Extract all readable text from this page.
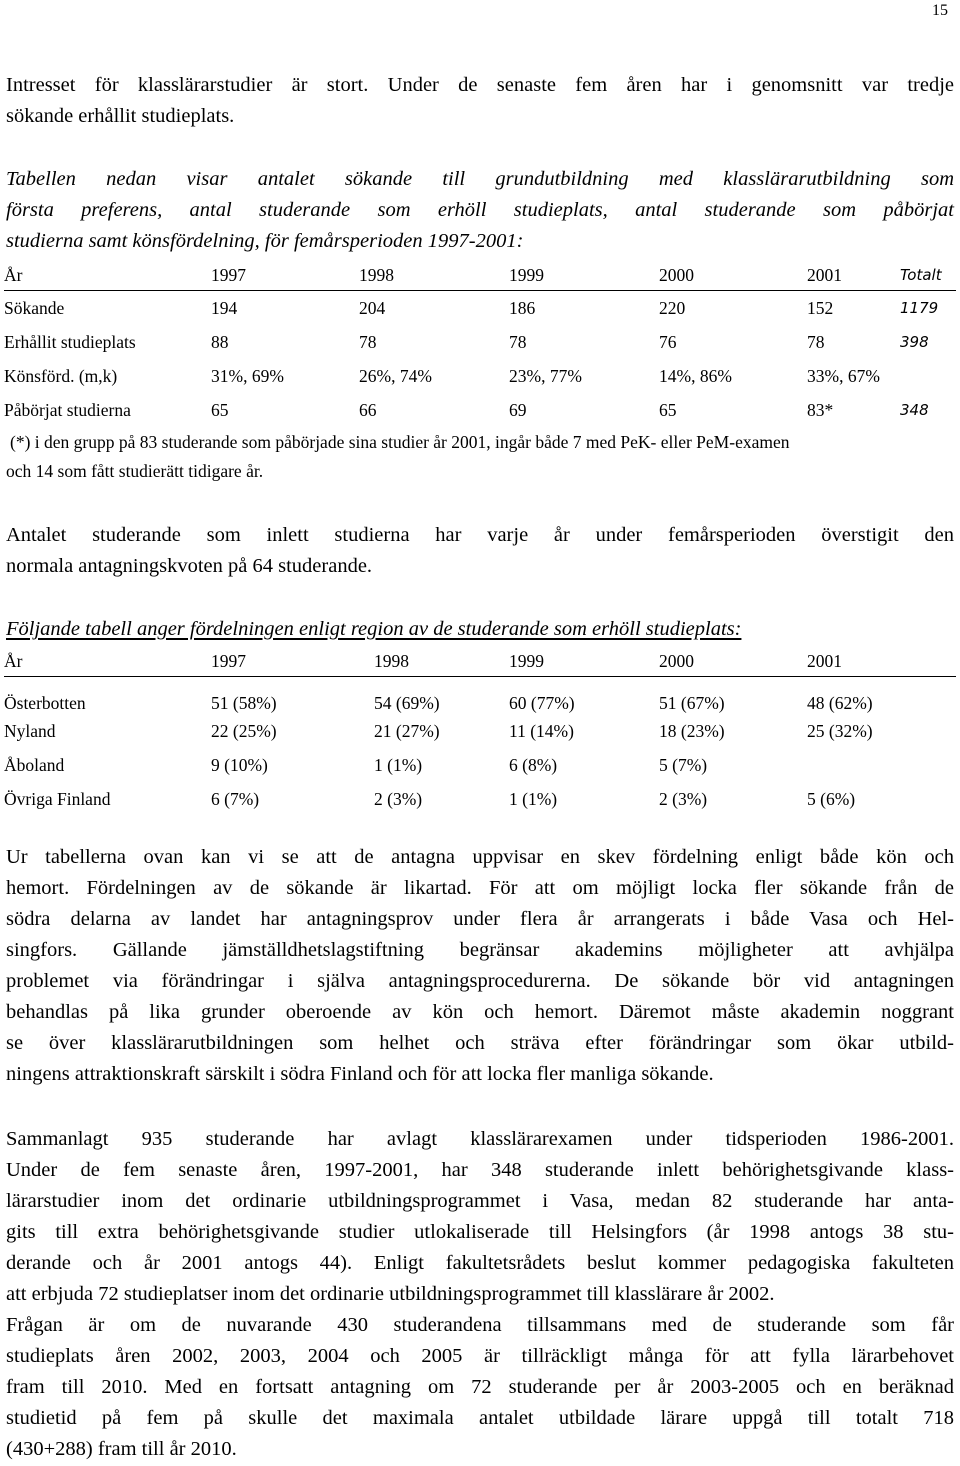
15

Intresset för klasslärarstudier är stort. Under de senaste fem åren har i genomsnitt var tredje
sökande erhållit studieplats.

Tabellen nedan visar antalet sökande till grundutbildning med klasslärarutbildning som
första preferens, antal studerande som erhöll studieplats, antal studerande som påbörjat
studierna samt könsfördelning, för femårsperioden 1997-2001:

År	1997	1998	1999	2000	2001	Totalt
Sökande	194	204	186	220	152	1179
Erhållit studieplats	88	78	78	76	78	398
Könsförd. (m,k)	31%, 69%	26%, 74%	23%, 77%	14%, 86%	33%, 67%	
Påbörjat studierna	65	66	69	65	83*	348

(*) i den grupp på 83 studerande som påbörjade sina studier år 2001, ingår både 7 med PeK- eller PeM-examen
och 14 som fått studierätt tidigare år.

Antalet studerande som inlett studierna har varje år under femårsperioden överstigit den
normala antagningskvoten på 64 studerande.

Följande tabell anger fördelningen enligt region av de studerande som erhöll studieplats:

År	1997	1998	1999	2000	2001
Österbotten	51 (58%)	54 (69%)	60 (77%)	51 (67%)	48 (62%)
Nyland	22 (25%)	21 (27%)	11 (14%)	18 (23%)	25 (32%)
Åboland	9 (10%)	1 (1%)	6 (8%)	5 (7%)	
Övriga Finland	6 (7%)	2 (3%)	1 (1%)	2 (3%)	5 (6%)

Ur tabellerna ovan kan vi se att de antagna uppvisar en skev fördelning enligt både kön och
hemort. Fördelningen av de sökande är likartad. För att om möjligt locka fler sökande från de
södra delarna av landet har antagningsprov under flera år arrangerats i både Vasa och Hel-
singfors. Gällande jämställdhetslagstiftning begränsar akademins möjligheter att avhjälpa
problemet via förändringar i själva antagningsprocedurerna. De sökande bör vid antagningen
behandlas på lika grunder oberoende av kön och hemort. Däremot måste akademin noggrant
se över klasslärarutbildningen som helhet och sträva efter förändringar som ökar utbild-
ningens attraktionskraft särskilt i södra Finland och för att locka fler manliga sökande.

Sammanlagt 935 studerande har avlagt klasslärarexamen under tidsperioden 1986-2001.
Under de fem senaste åren, 1997-2001, har 348 studerande inlett behörighetsgivande klass-
lärarstudier inom det ordinarie utbildningsprogrammet i Vasa, medan 82 studerande har anta-
gits till extra behörighetsgivande studier utlokaliserade till Helsingfors (år 1998 antogs 38 stu-
derande och år 2001 antogs 44). Enligt fakultetsrådets beslut kommer pedagogiska fakulteten
att erbjuda 72 studieplatser inom det ordinarie utbildningsprogrammet till klasslärare år 2002.

Frågan är om de nuvarande 430 studerandena tillsammans med de studerande som får
studieplats åren 2002, 2003, 2004 och 2005 är tillräckligt många för att fylla lärarbehovet
fram till 2010. Med en fortsatt antagning om 72 studerande per år 2003-2005 och en beräknad
studietid på fem på skulle det maximala antalet utbildade lärare uppgå till totalt 718
(430+288) fram till år 2010.
